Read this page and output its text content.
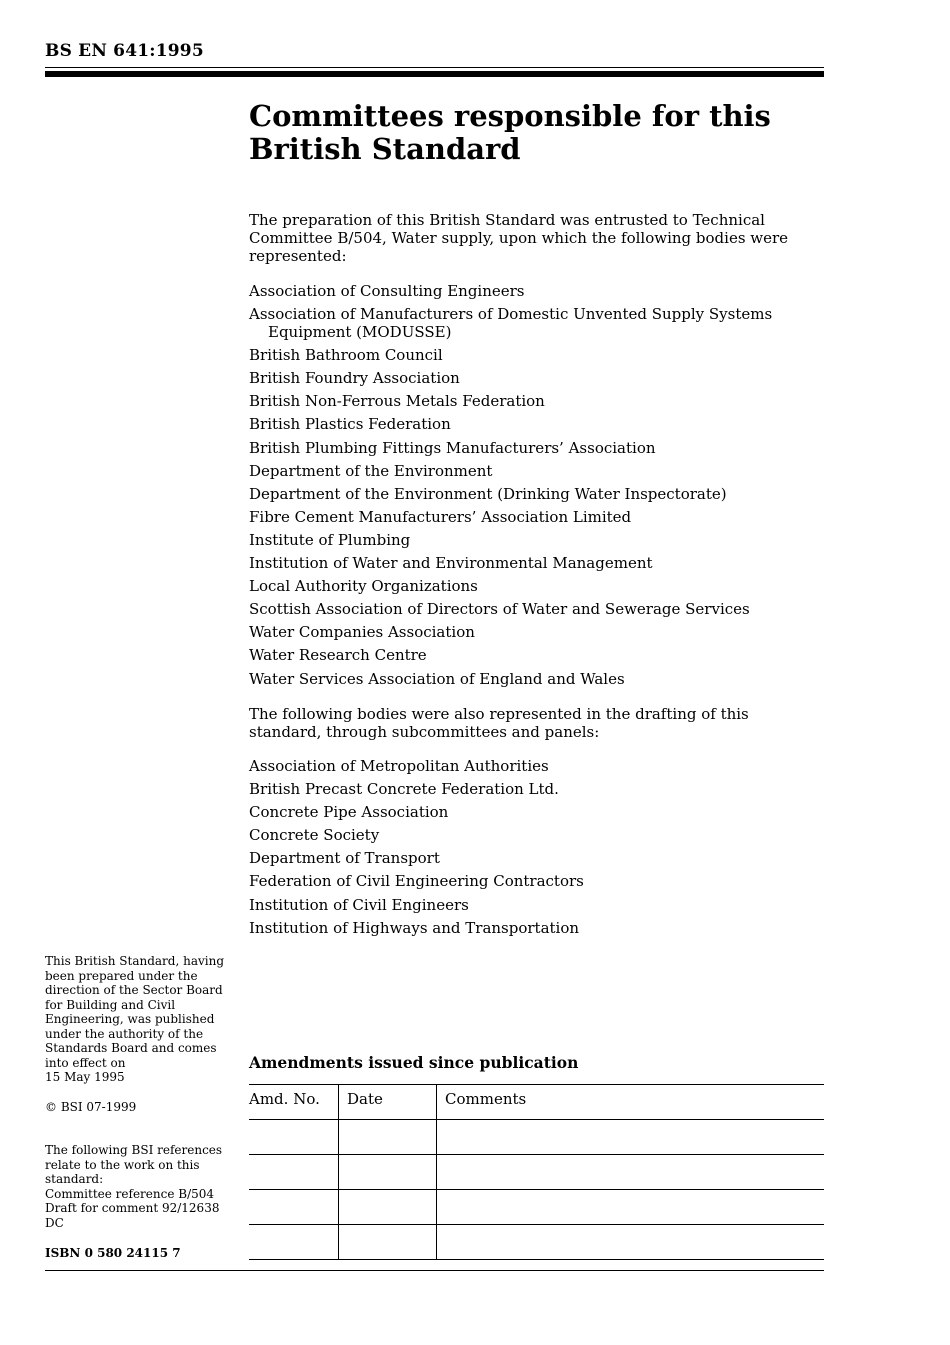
BS EN 641:1995
Committees responsible for this British Standard
The preparation of this British Standard was entrusted to Technical Committee B/504, Water supply, upon which the following bodies were represented:
Association of Consulting Engineers
Association of Manufacturers of Domestic Unvented Supply Systems Equipment (MODUSSE)
British Bathroom Council
British Foundry Association
British Non-Ferrous Metals Federation
British Plastics Federation
British Plumbing Fittings Manufacturers’ Association
Department of the Environment
Department of the Environment (Drinking Water Inspectorate)
Fibre Cement Manufacturers’ Association Limited
Institute of Plumbing
Institution of Water and Environmental Management
Local Authority Organizations
Scottish Association of Directors of Water and Sewerage Services
Water Companies Association
Water Research Centre
Water Services Association of England and Wales
The following bodies were also represented in the drafting of this standard, through subcommittees and panels:
Association of Metropolitan Authorities
British Precast Concrete Federation Ltd.
Concrete Pipe Association
Concrete Society
Department of Transport
Federation of Civil Engineering Contractors
Institution of Civil Engineers
Institution of Highways and Transportation
This British Standard, having been prepared under the direction of the Sector Board for Building and Civil Engineering, was published under the authority of the Standards Board and comes into effect on
15 May 1995
© BSI 07-1999
The following BSI references relate to the work on this standard:
Committee reference B/504
Draft for comment 92/12638 DC
ISBN 0 580 24115 7
Amendments issued since publication
Amd. No.	Date	Comments
